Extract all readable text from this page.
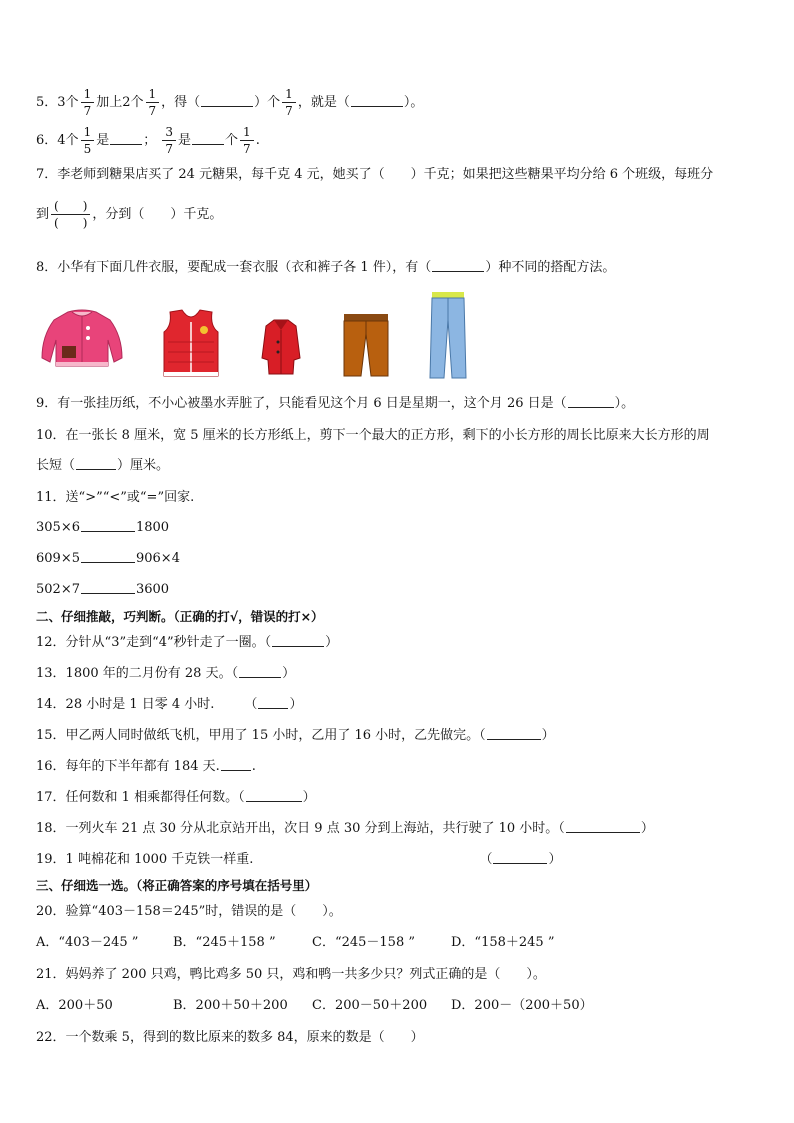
5．3个 $\frac{1}{7}$ 加上2个 $\frac{1}{7}$ ，得（	）个 $\frac{1}{7}$ ，就是（	）。
6．4个 $\frac{1}{5}$ 是	； $\frac{3}{7}$ 是	个 $\frac{1}{7}$ .
7．李老师到糖果店买了 24 元糖果，每千克 4 元，她买了（　　）千克；如果把这些糖果平均分给 6 个班级，每班分
到 $\frac{( )}{( )}$ ，分到（　　）千克。
8．小华有下面几件衣服，要配成一套衣服（衣和裤子各 1 件），有（	）种不同的搭配方法。
9．有一张挂历纸，不小心被墨水弄脏了，只能看见这个月 6 日是星期一，这个月 26 日是（	）。
10．在一张长 8 厘米，宽 5 厘米的长方形纸上，剪下一个最大的正方形，剩下的小长方形的周长比原来大长方形的周
长短（	）厘米。
11．送“>”“<”或“=”回家.
305×6	1800
609×5	906×4
502×7	3600
二、仔细推敲，巧判断。（正确的打√，错误的打×）
12．分针从“3”走到“4”秒针走了一圈。（	）
13．1800 年的二月份有 28 天。（	）
14．28 小时是 1 日零 4 小时. （ ）
15．甲乙两人同时做纸飞机，甲用了 15 小时，乙用了 16 小时，乙先做完。（	）
16．每年的下半年都有 184 天. .
17．任何数和 1 相乘都得任何数。（	）
18．一列火车 21 点 30 分从北京站开出，次日 9 点 30 分到上海站，共行驶了 10 小时。（	）
19．1 吨棉花和 1000 千克铁一样重.	（	）
三、仔细选一选。（将正确答案的序号填在括号里）
20．验算“403－158＝245”时，错误的是（　　）。
A．“403－245 ”	B．“245＋158 ”	C．“245－158 ”	D．“158＋245 ”
21．妈妈养了 200 只鸡，鸭比鸡多 50 只，鸡和鸭一共多少只？列式正确的是（　　）。
A．200＋50	B．200＋50＋200 C．200－50＋200 D．200－（200＋50）
22．一个数乘 5，得到的数比原来的数多 84，原来的数是（　　）
